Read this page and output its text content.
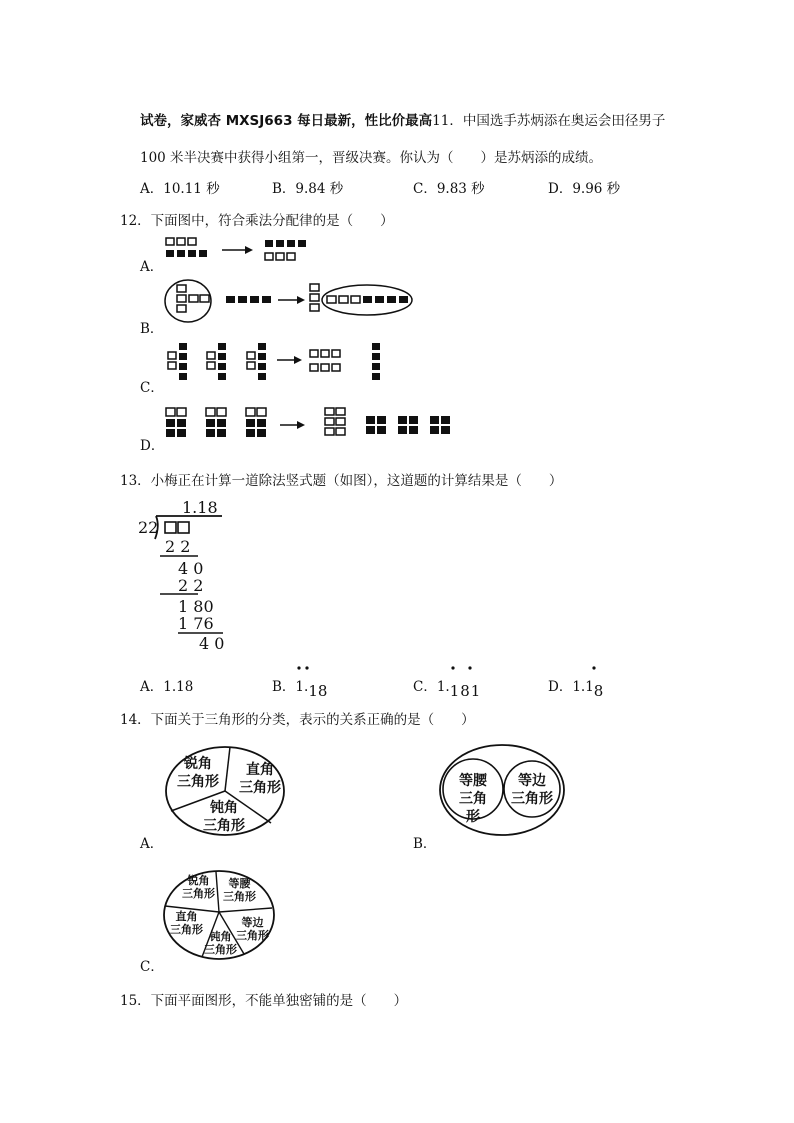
试卷，家威杏 MXSJ663 每日最新，性比价最高11．中国选手苏炳添在奥运会田径男子
100 米半决赛中获得小组第一，晋级决赛。你认为（　　）是苏炳添的成绩。
A．10.11 秒	B．9.84 秒	C．9.83 秒	D．9.96 秒
12．下面图中，符合乘法分配律的是（　　）
A．
B．
C．
D．
13．小梅正在计算一道除法竖式题（如图），这道题的计算结果是（　　）
22
1.18
2 2
4 0
2 2
1 80
1 76
4 0
A．1.18	B．1.18	C．1.181	D．1.18
14．下面关于三角形的分类，表示的关系正确的是（　　）
锐角
三角形
直角
三角形
钝角
三角形
A．
等腰
三角形
等边
三角形
B．
锐角
三角形
等腰
三角形
直角
三角形
等边
三角形
钝角
三角形
C．
15．下面平面图形，不能单独密铺的是（　　）
